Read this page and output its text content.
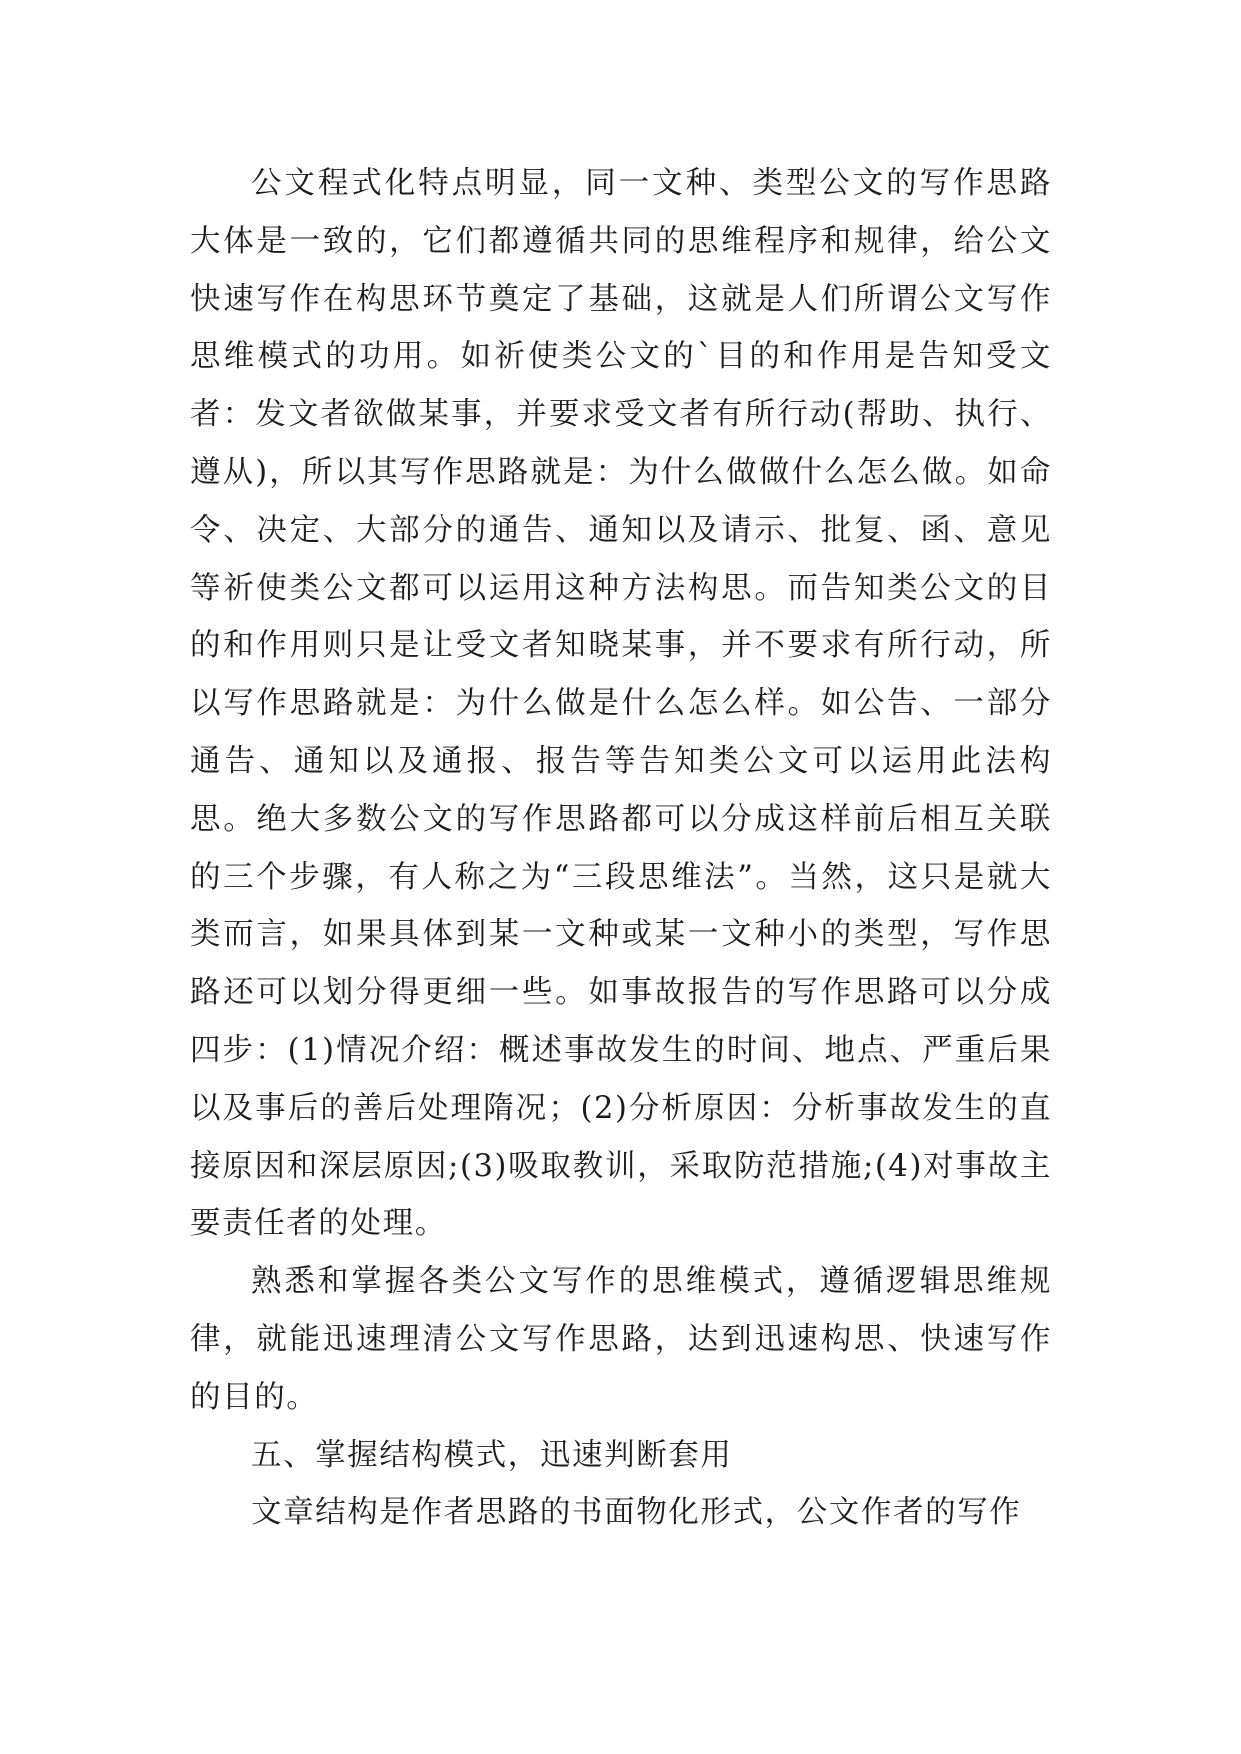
公文程式化特点明显，同一文种、类型公文的写作思路大体是一致的，它们都遵循共同的思维程序和规律，给公文快速写作在构思环节奠定了基础，这就是人们所谓公文写作思维模式的功用。如祈使类公文的`目的和作用是告知受文者：发文者欲做某事，并要求受文者有所行动(帮助、执行、遵从)，所以其写作思路就是：为什么做做什么怎么做。如命令、决定、大部分的通告、通知以及请示、批复、函、意见等祈使类公文都可以运用这种方法构思。而告知类公文的目的和作用则只是让受文者知晓某事，并不要求有所行动，所以写作思路就是：为什么做是什么怎么样。如公告、一部分通告、通知以及通报、报告等告知类公文可以运用此法构思。绝大多数公文的写作思路都可以分成这样前后相互关联的三个步骤，有人称之为“三段思维法”。当然，这只是就大类而言，如果具体到某一文种或某一文种小的类型，写作思路还可以划分得更细一些。如事故报告的写作思路可以分成四步：(1)情况介绍：概述事故发生的时间、地点、严重后果以及事后的善后处理隋况；(2)分析原因：分析事故发生的直接原因和深层原因;(3)吸取教训，采取防范措施;(4)对事故主要责任者的处理。

熟悉和掌握各类公文写作的思维模式，遵循逻辑思维规律，就能迅速理清公文写作思路，达到迅速构思、快速写作的目的。

五、掌握结构模式，迅速判断套用

文章结构是作者思路的书面物化形式，公文作者的写作
